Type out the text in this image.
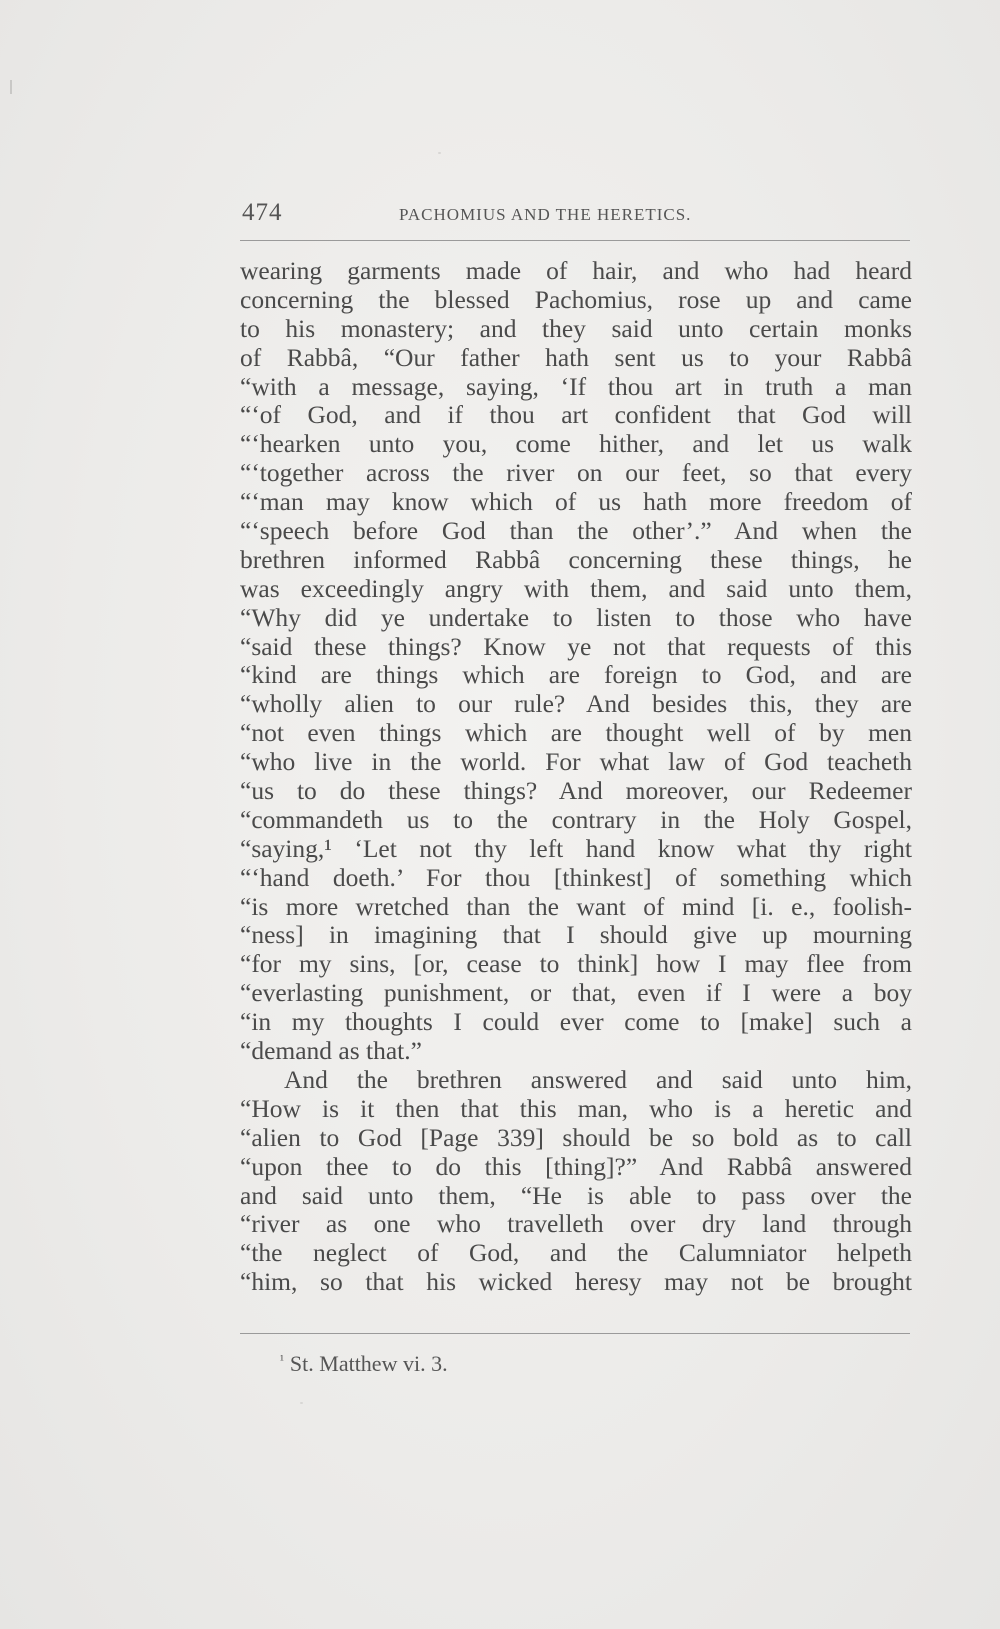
474	PACHOMIUS AND THE HERETICS.
wearing garments made of hair, and who had heard
concerning the blessed Pachomius, rose up and came
to his monastery; and they said unto certain monks
of Rabbâ, “Our father hath sent us to your Rabbâ
“with a message, saying, ‘If thou art in truth a man
“‘of God, and if thou art confident that God will
“‘hearken unto you, come hither, and let us walk
“‘together across the river on our feet, so that every
“‘man may know which of us hath more freedom of
“‘speech before God than the other’.” And when the
brethren informed Rabbâ concerning these things, he
was exceedingly angry with them, and said unto them,
“Why did ye undertake to listen to those who have
“said these things? Know ye not that requests of this
“kind are things which are foreign to God, and are
“wholly alien to our rule? And besides this, they are
“not even things which are thought well of by men
“who live in the world. For what law of God teacheth
“us to do these things? And moreover, our Redeemer
“commandeth us to the contrary in the Holy Gospel,
“saying,¹ ‘Let not thy left hand know what thy right
“‘hand doeth.’ For thou [thinkest] of something which
“is more wretched than the want of mind [i. e., foolish-
“ness] in imagining that I should give up mourning
“for my sins, [or, cease to think] how I may flee from
“everlasting punishment, or that, even if I were a boy
“in my thoughts I could ever come to [make] such a
“demand as that.”
And the brethren answered and said unto him,
“How is it then that this man, who is a heretic and
“alien to God [Page 339] should be so bold as to call
“upon thee to do this [thing]?” And Rabbâ answered
and said unto them, “He is able to pass over the
“river as one who travelleth over dry land through
“the neglect of God, and the Calumniator helpeth
“him, so that his wicked heresy may not be brought
$^{^1}$ St. Matthew vi. 3.
